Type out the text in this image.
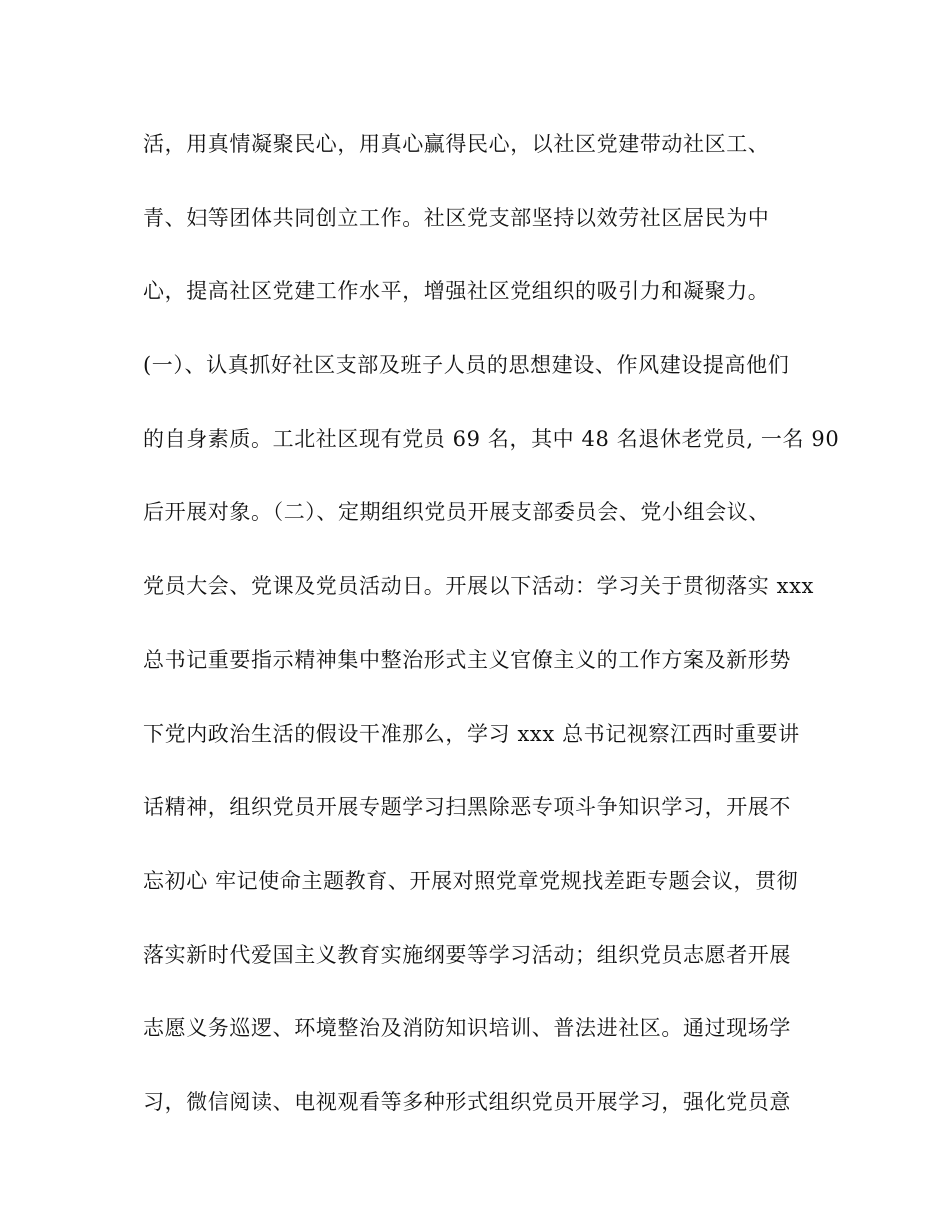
活，用真情凝聚民心，用真心赢得民心，以社区党建带动社区工、
青、妇等团体共同创立工作。社区党支部坚持以效劳社区居民为中
心，提高社区党建工作水平，增强社区党组织的吸引力和凝聚力。
(一）、认真抓好社区支部及班子人员的思想建设、作风建设提高他们
的自身素质。工北社区现有党员 69 名，其中 48 名退休老党员, 一名 90
后开展对象。（二）、定期组织党员开展支部委员会、党小组会议、
党员大会、党课及党员活动日。开展以下活动：学习关于贯彻落实 xxx
总书记重要指示精神集中整治形式主义官僚主义的工作方案及新形势
下党内政治生活的假设干准那么，学习 xxx 总书记视察江西时重要讲
话精神，组织党员开展专题学习扫黑除恶专项斗争知识学习，开展不
忘初心 牢记使命主题教育、开展对照党章党规找差距专题会议，贯彻
落实新时代爱国主义教育实施纲要等学习活动；组织党员志愿者开展
志愿义务巡逻、环境整治及消防知识培训、普法进社区。通过现场学
习，微信阅读、电视观看等多种形式组织党员开展学习，强化党员意
